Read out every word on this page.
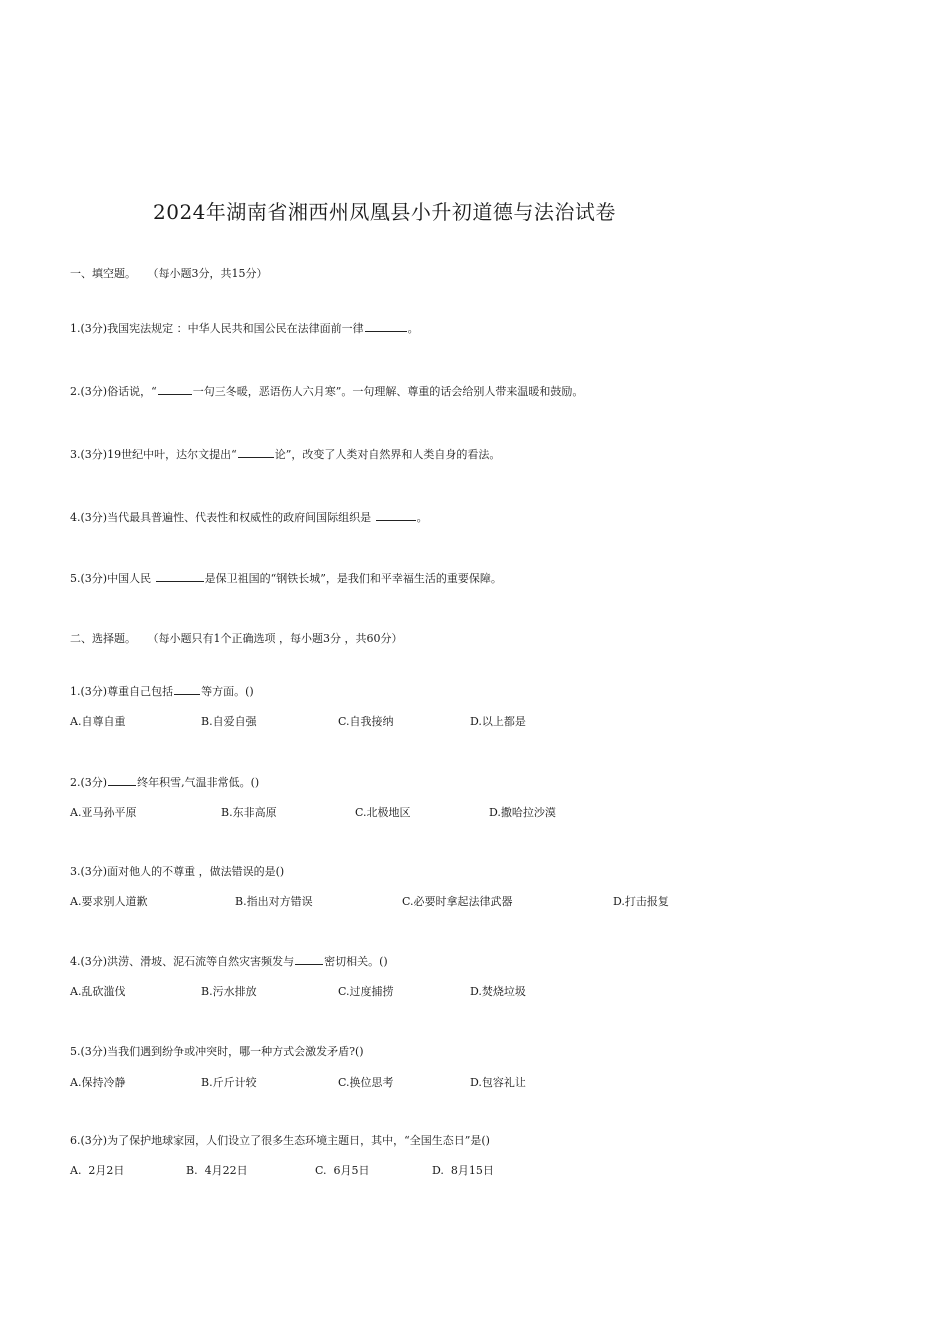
2024年湖南省湘西州凤凰县小升初道德与法治试卷
一、填空题。 （每小题3分，共15分）
1.(3分)我国宪法规定 ：中华人民共和国公民在法律面前一律	。
2.(3分)俗话说，“	一句三冬暖，恶语伤人六月寒”。一句理解、尊重的话会给别人带来温暖和鼓励。
3.(3分)19世纪中叶，达尔文提出“	论”，改变了人类对自然界和人类自身的看法。
4.(3分)当代最具普遍性、代表性和权威性的政府间国际组织是	。
5.(3分)中国人民	是保卫祖国的“钢铁长城”，是我们和平幸福生活的重要保障。
二、选择题。 （每小题只有1个正确选项 ，每小题3分 ，共60分）
1.(3分)尊重自己包括	等方面。()
A.自尊自重	B.自爱自强	C.自我接纳	D.以上都是
2.(3分)	终年积雪,气温非常低。()
A.亚马孙平原	B.东非高原	C.北极地区	D.撒哈拉沙漠
3.(3分)面对他人的不尊重 ，做法错误的是()
A.要求别人道歉	B.指出对方错误	C.必要时拿起法律武器	D.打击报复
4.(3分)洪涝、滑坡、泥石流等自然灾害频发与	密切相关。()
A.乱砍滥伐	B.污水排放	C.过度捕捞	D.焚烧垃圾
5.(3分)当我们遇到纷争或冲突时，哪一种方式会激发矛盾?()
A.保持冷静	B.斤斤计较	C.换位思考	D.包容礼让
6.(3分)为了保护地球家园，人们设立了很多生态环境主题日，其中，“全国生态日”是()
A.  2月2日	B.  4月22日	C.  6月5日	D.  8月15日
